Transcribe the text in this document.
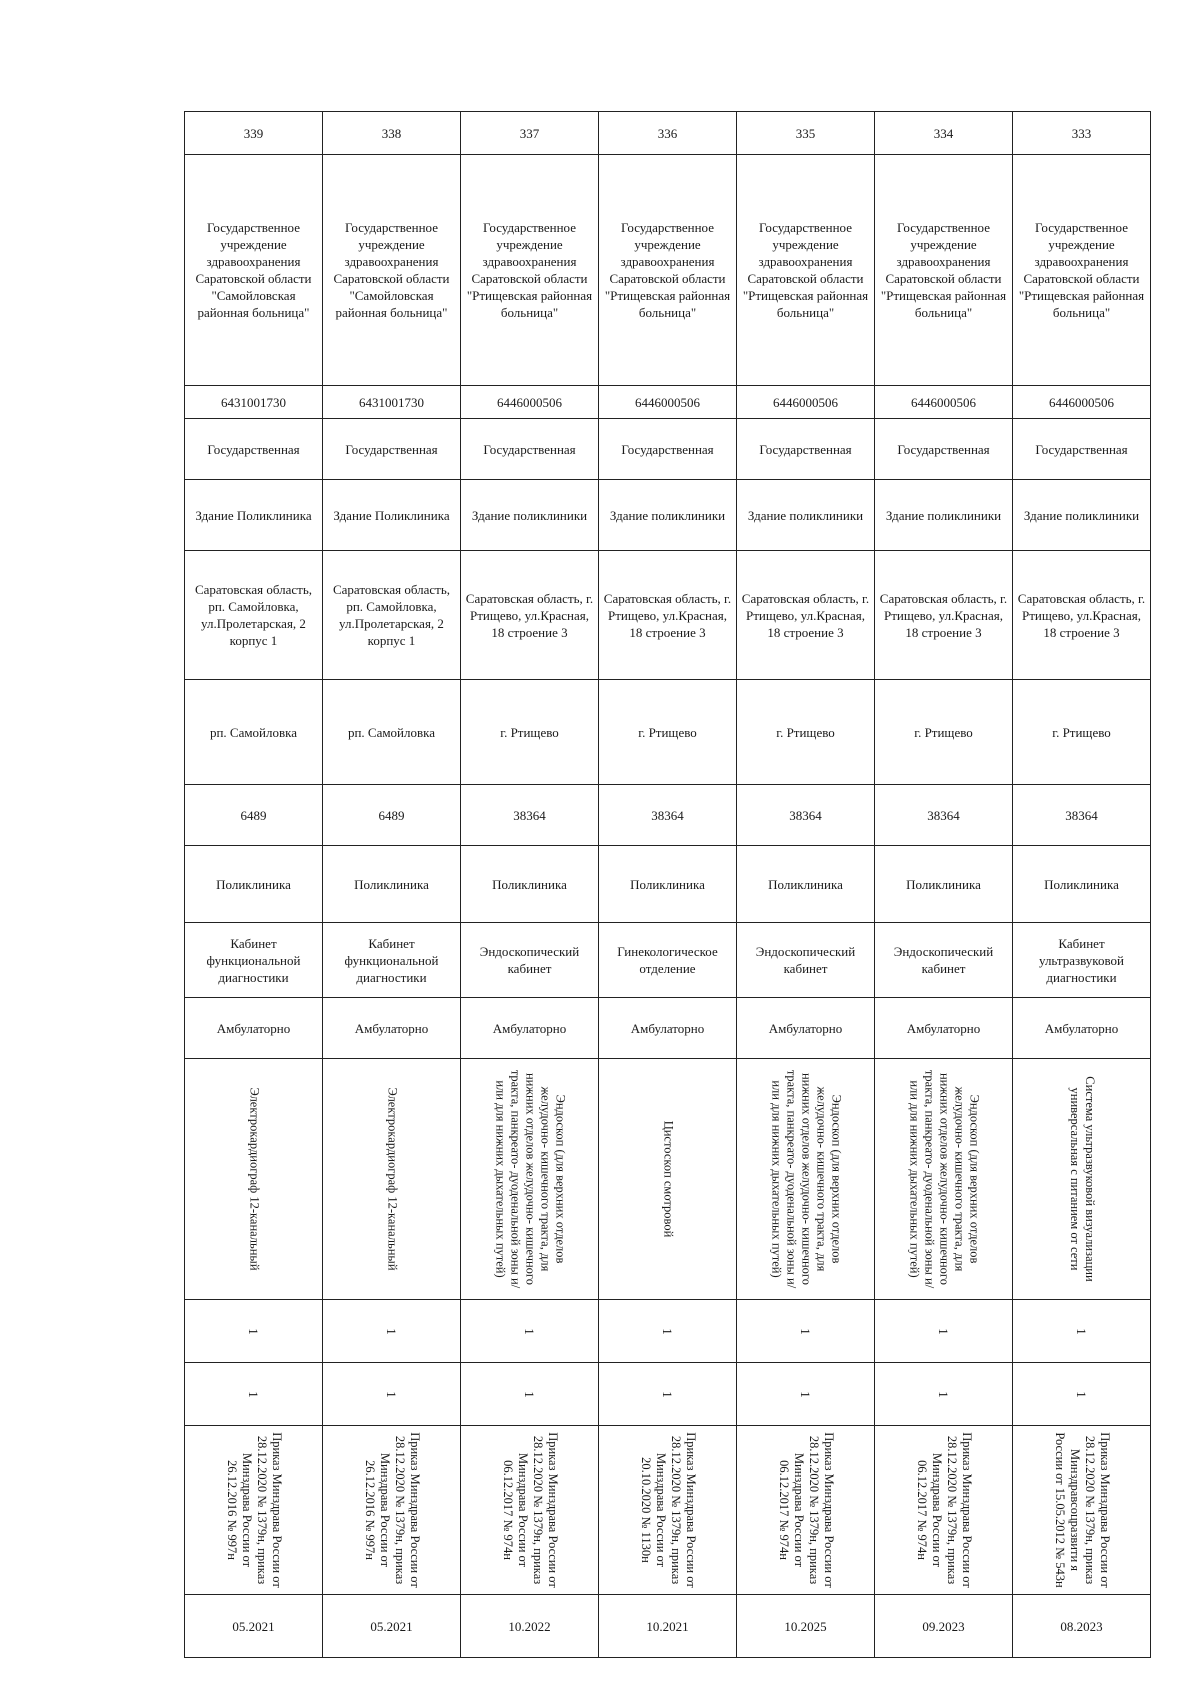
339	338	337	336	335	334	333
Государственное учреждение здравоохранения Саратовской области "Самойловская районная больница"	Государственное учреждение здравоохранения Саратовской области "Самойловская районная больница"	Государственное учреждение здравоохранения Саратовской области "Ртищевская районная больница"	Государственное учреждение здравоохранения Саратовской области "Ртищевская районная больница"	Государственное учреждение здравоохранения Саратовской области "Ртищевская районная больница"	Государственное учреждение здравоохранения Саратовской области "Ртищевская районная больница"	Государственное учреждение здравоохранения Саратовской области "Ртищевская районная больница"
6431001730	6431001730	6446000506	6446000506	6446000506	6446000506	6446000506
Государственная	Государственная	Государственная	Государственная	Государственная	Государственная	Государственная
Здание Поликлиника	Здание Поликлиника	Здание поликлиники	Здание поликлиники	Здание поликлиники	Здание поликлиники	Здание поликлиники
Саратовская область, рп. Самойловка, ул.Пролетарская, 2 корпус 1	Саратовская область, рп. Самойловка, ул.Пролетарская, 2 корпус 1	Саратовская область, г. Ртищево, ул.Красная, 18 строение 3	Саратовская область, г. Ртищево, ул.Красная, 18 строение 3	Саратовская область, г. Ртищево, ул.Красная, 18 строение 3	Саратовская область, г. Ртищево, ул.Красная, 18 строение 3	Саратовская область, г. Ртищево, ул.Красная, 18 строение 3
рп. Самойловка	рп. Самойловка	г. Ртищево	г. Ртищево	г. Ртищево	г. Ртищево	г. Ртищево
6489	6489	38364	38364	38364	38364	38364
Поликлиника	Поликлиника	Поликлиника	Поликлиника	Поликлиника	Поликлиника	Поликлиника
Кабинет функциональной диагностики	Кабинет функциональной диагностики	Эндоскопический кабинет	Гинекологическое отделение	Эндоскопический кабинет	Эндоскопический кабинет	Кабинет ультразвуковой диагностики
Амбулаторно	Амбулаторно	Амбулаторно	Амбулаторно	Амбулаторно	Амбулаторно	Амбулаторно

Электрокардиограф 12-канальный	Электрокардиограф 12-канальный	Эндоскоп (для верхних отделов желудочно- кишечного тракта, для нижних отделов желудочно- кишечного тракта, панкреато- дуоденальной зоны и/или для нижних дыхательных путей)	Цистоскоп смотровой	Эндоскоп (для верхних отделов желудочно- кишечного тракта, для нижних отделов желудочно- кишечного тракта, панкреато- дуоденальной зоны и/или для нижних дыхательных путей)	Эндоскоп (для верхних отделов желудочно- кишечного тракта, для нижних отделов желудочно- кишечного тракта, панкреато- дуоденальной зоны и/или для нижних дыхательных путей)	Система ультразвуковой визуализации универсальная с питанием от сети

1	1	1	1	1	1	1
1	1	1	1	1	1	1

Приказ Минздрава России от 28.12.2020 № 1379н, приказ Минздрава России от 26.12.2016 № 997н	Приказ Минздрава России от 28.12.2020 № 1379н, приказ Минздрава России от 26.12.2016 № 997н	Приказ Минздрава России от 28.12.2020 № 1379н, приказ Минздрава России от 06.12.2017 № 974н	Приказ Минздрава России от 28.12.2020 № 1379н, приказ Минздрава России от 20.10.2020 № 1130н	Приказ Минздрава России от 28.12.2020 № 1379н, приказ Минздрава России от 06.12.2017 № 974н	Приказ Минздрава России от 28.12.2020 № 1379н, приказ Минздрава России от 06.12.2017 № 974н	Приказ Минздрава России от 28.12.2020 № 1379н, приказ Минздравсоцразвити я России от 15.05.2012 № 543н

05.2021	05.2021	10.2022	10.2021	10.2025	09.2023	08.2023
